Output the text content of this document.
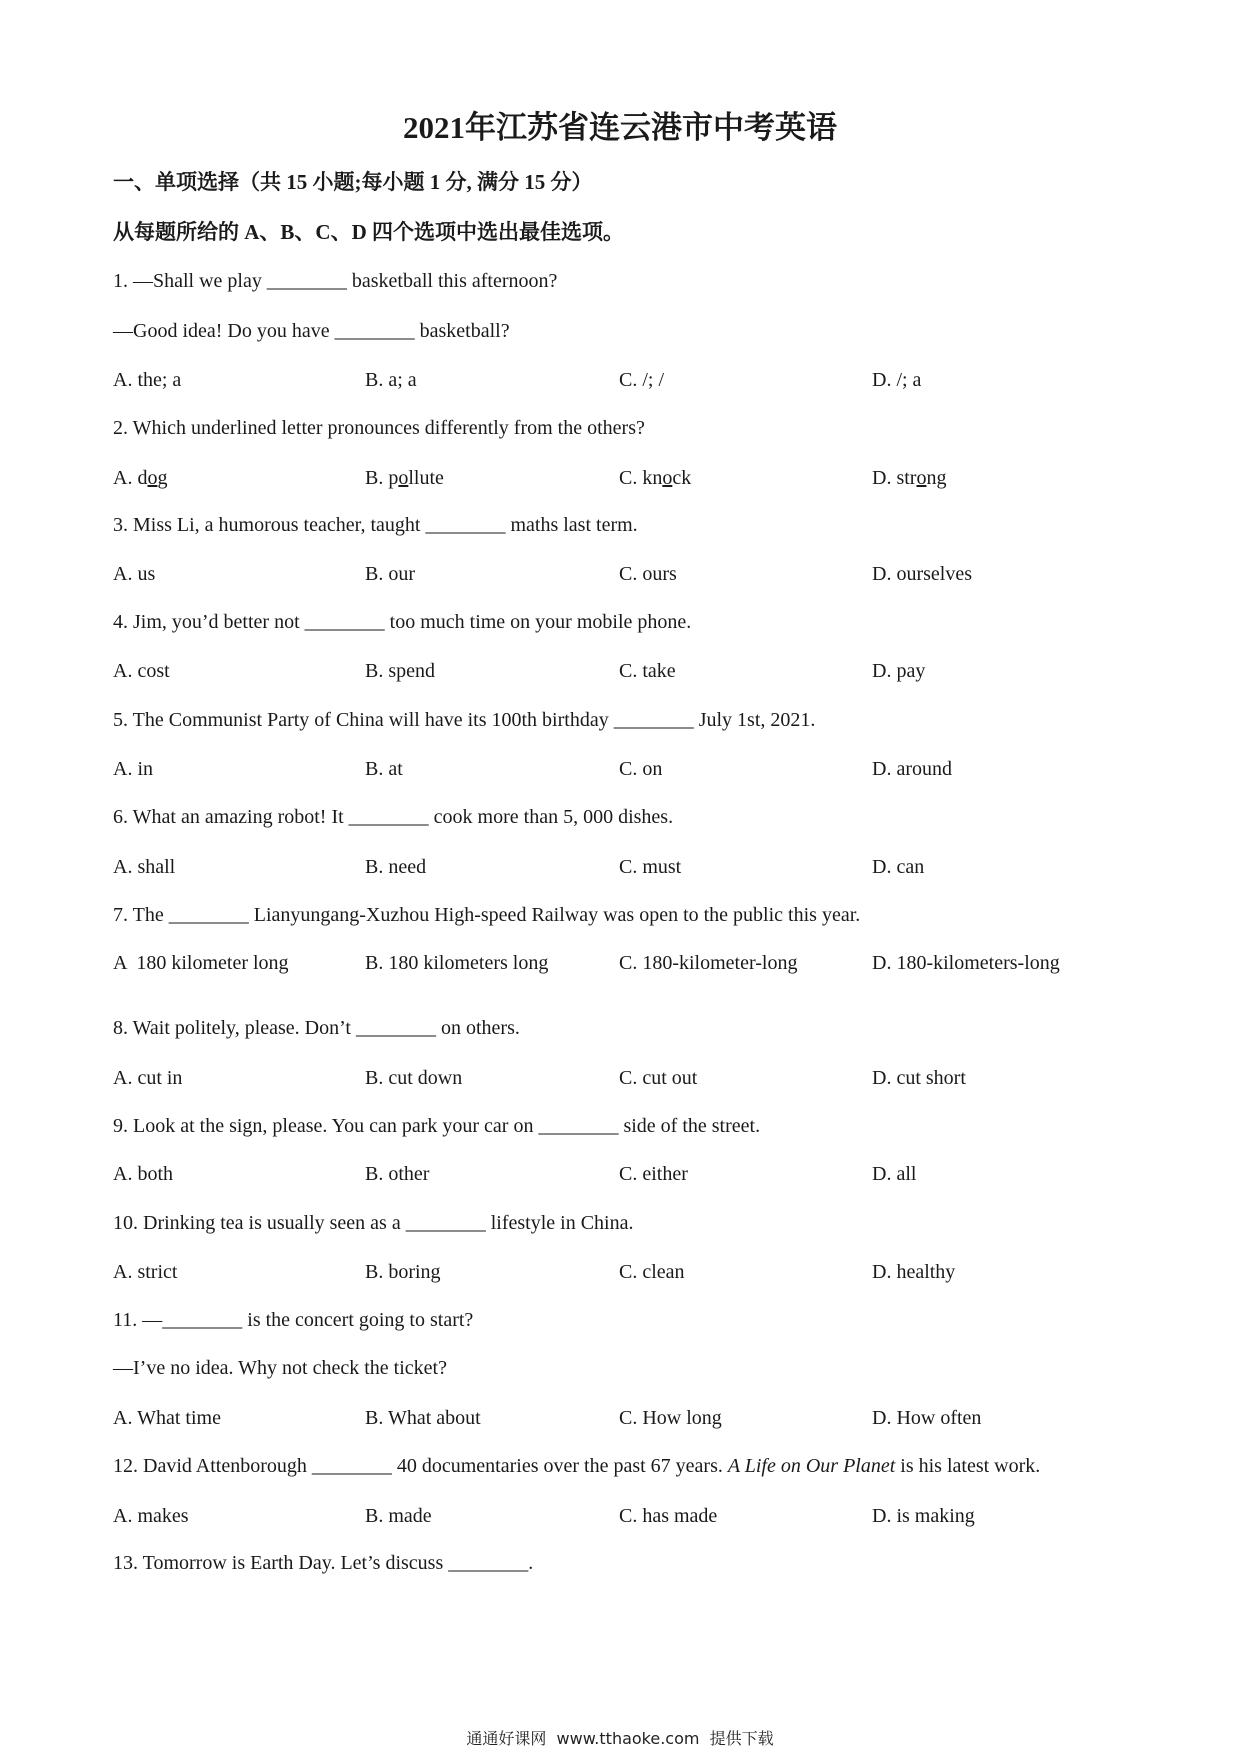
2021年江苏省连云港市中考英语
一、单项选择（共 15 小题;每小题 1 分, 满分 15 分）
从每题所给的 A、B、C、D 四个选项中选出最佳选项。
1. —Shall we play ________ basketball this afternoon?
—Good idea! Do you have ________ basketball?
A. the; a	B. a; a	C. /; /	D. /; a
2. Which underlined letter pronounces differently from the others?
A. dog	B. pollute	C. knock	D. strong
3. Miss Li, a humorous teacher, taught ________ maths last term.
A. us	B. our	C. ours	D. ourselves
4. Jim, you’d better not ________ too much time on your mobile phone.
A. cost	B. spend	C. take	D. pay
5. The Communist Party of China will have its 100th birthday ________ July 1st, 2021.
A. in	B. at	C. on	D. around
6. What an amazing robot! It ________ cook more than 5, 000 dishes.
A. shall	B. need	C. must	D. can
7. The ________ Lianyungang-Xuzhou High-speed Railway was open to the public this year.
A  180 kilometer long	B. 180 kilometers long	C. 180-kilometer-long	D. 180-kilometers-long
8. Wait politely, please. Don’t ________ on others.
A. cut in	B. cut down	C. cut out	D. cut short
9. Look at the sign, please. You can park your car on ________ side of the street.
A. both	B. other	C. either	D. all
10. Drinking tea is usually seen as a ________ lifestyle in China.
A. strict	B. boring	C. clean	D. healthy
11. —________ is the concert going to start?
—I’ve no idea. Why not check the ticket?
A. What time	B. What about	C. How long	D. How often
12. David Attenborough ________ 40 documentaries over the past 67 years. A Life on Our Planet is his latest work.
A. makes	B. made	C. has made	D. is making
13. Tomorrow is Earth Day. Let’s discuss ________.
通通好课网  www.tthaoke.com  提供下载
